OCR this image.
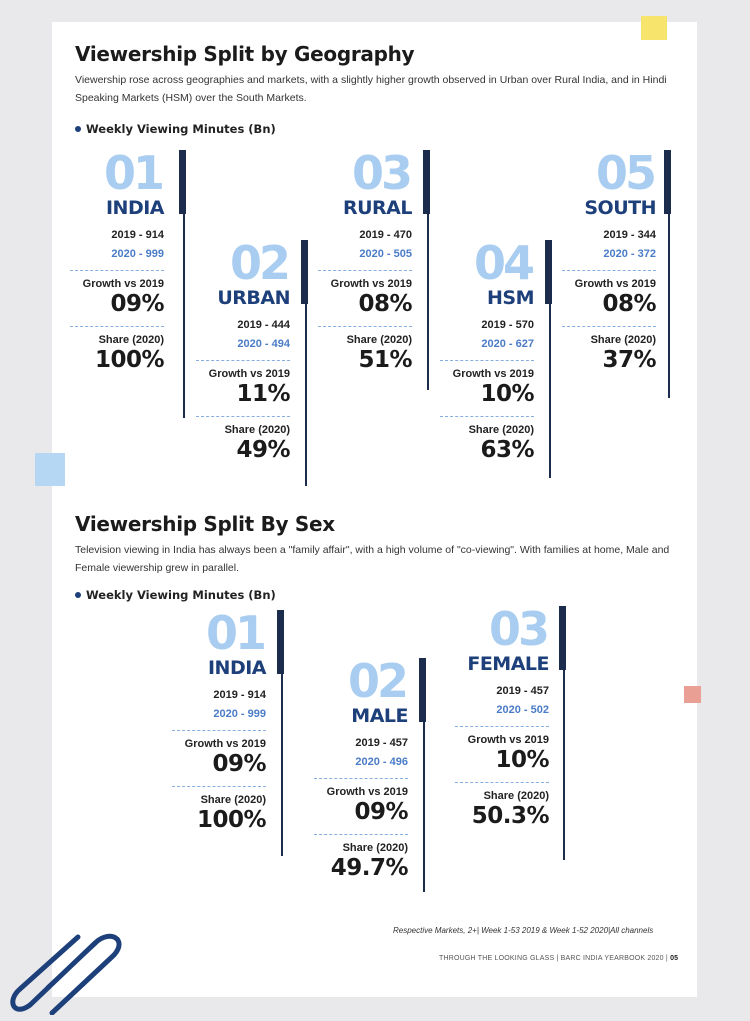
Viewership Split by Geography
Viewership rose across geographies and markets, with a slightly higher growth observed in Urban over Rural India, and in Hindi Speaking Markets (HSM) over the South Markets.
Weekly Viewing Minutes (Bn)
01
INDIA
2019 - 914
2020 - 999
Growth vs 2019
09%
Share (2020)
100%
02
URBAN
2019 - 444
2020 - 494
Growth vs 2019
11%
Share (2020)
49%
03
RURAL
2019 - 470
2020 - 505
Growth vs 2019
08%
Share (2020)
51%
04
HSM
2019 - 570
2020 - 627
Growth vs 2019
10%
Share (2020)
63%
05
SOUTH
2019 - 344
2020 - 372
Growth vs 2019
08%
Share (2020)
37%
Viewership Split By Sex
Television viewing in India has always been a "family affair", with a high volume of "co-viewing". With families at home, Male and Female viewership grew in parallel.
Weekly Viewing Minutes (Bn)
01
INDIA
2019 - 914
2020 - 999
Growth vs 2019
09%
Share (2020)
100%
02
MALE
2019 - 457
2020 - 496
Growth vs 2019
09%
Share (2020)
49.7%
03
FEMALE
2019 - 457
2020 - 502
Growth vs 2019
10%
Share (2020)
50.3%
Respective Markets, 2+| Week 1-53 2019 & Week 1-52 2020|All channels
THROUGH THE LOOKING GLASS | BARC INDIA YEARBOOK 2020 | 05
